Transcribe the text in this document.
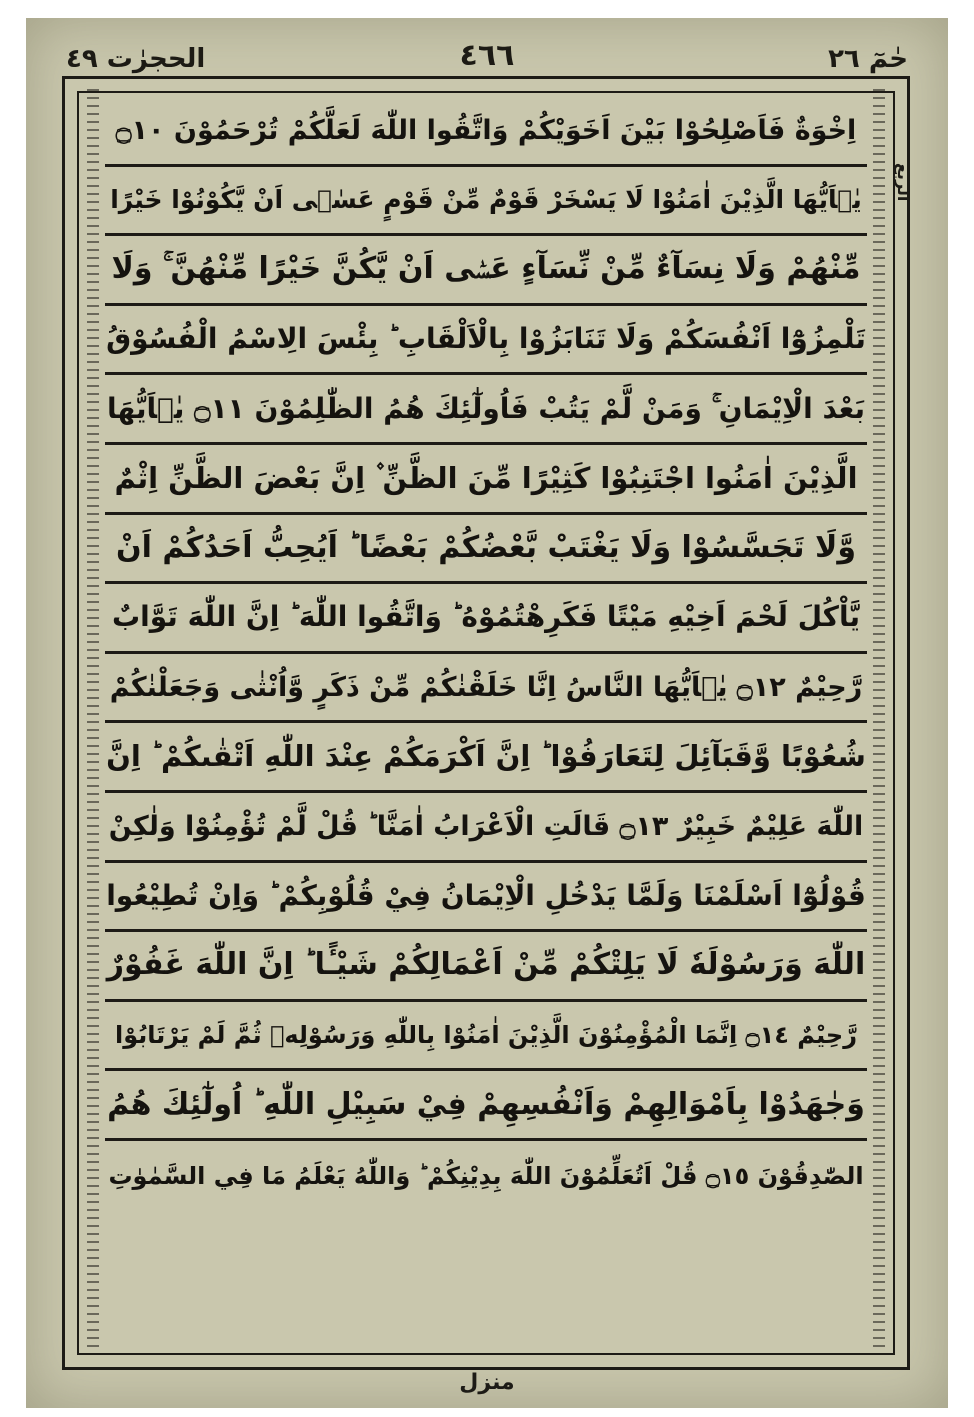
حٰمٓ ٢٦
٤٦٦
الحجرٰت ٤٩
الربع
اِخْوَةٌ فَاَصْلِحُوْا بَيْنَ اَخَوَيْكُمْ وَاتَّقُوا اللّٰهَ لَعَلَّكُمْ تُرْحَمُوْنَ ۝١٠
يٰۤاَيُّهَا الَّذِيْنَ اٰمَنُوْا لَا يَسْخَرْ قَوْمٌ مِّنْ قَوْمٍ عَسٰۤى اَنْ يَّكُوْنُوْا خَيْرًا
مِّنْهُمْ وَلَا نِسَآءٌ مِّنْ نِّسَآءٍ عَسٰۤى اَنْ يَّكُنَّ خَيْرًا مِّنْهُنَّ ۚ وَلَا
تَلْمِزُوْٓا اَنْفُسَكُمْ وَلَا تَنَابَزُوْا بِالْاَلْقَابِ ؕ بِئْسَ الِاسْمُ الْفُسُوْقُ
بَعْدَ الْاِيْمَانِ ۚ وَمَنْ لَّمْ يَتُبْ فَاُولٰٓئِكَ هُمُ الظّٰلِمُوْنَ ۝١١ يٰۤاَيُّهَا
الَّذِيْنَ اٰمَنُوا اجْتَنِبُوْا كَثِيْرًا مِّنَ الظَّنِّ ۫ اِنَّ بَعْضَ الظَّنِّ اِثْمٌ
وَّلَا تَجَسَّسُوْا وَلَا يَغْتَبْ بَّعْضُكُمْ بَعْضًا ؕ اَيُحِبُّ اَحَدُكُمْ اَنْ
يَّاْكُلَ لَحْمَ اَخِيْهِ مَيْتًا فَكَرِهْتُمُوْهُ ؕ وَاتَّقُوا اللّٰهَ ؕ اِنَّ اللّٰهَ تَوَّابٌ
رَّحِيْمٌ ۝١٢ يٰۤاَيُّهَا النَّاسُ اِنَّا خَلَقْنٰكُمْ مِّنْ ذَكَرٍ وَّاُنْثٰى وَجَعَلْنٰكُمْ
شُعُوْبًا وَّقَبَآئِلَ لِتَعَارَفُوْا ؕ اِنَّ اَكْرَمَكُمْ عِنْدَ اللّٰهِ اَتْقٰىكُمْ ؕ اِنَّ
اللّٰهَ عَلِيْمٌ خَبِيْرٌ ۝١٣ قَالَتِ الْاَعْرَابُ اٰمَنَّا ؕ قُلْ لَّمْ تُؤْمِنُوْا وَلٰكِنْ
قُوْلُوْٓا اَسْلَمْنَا وَلَمَّا يَدْخُلِ الْاِيْمَانُ فِيْ قُلُوْبِكُمْ ؕ وَاِنْ تُطِيْعُوا
اللّٰهَ وَرَسُوْلَهٗ لَا يَلِتْكُمْ مِّنْ اَعْمَالِكُمْ شَيْـًٔا ؕ اِنَّ اللّٰهَ غَفُوْرٌ
رَّحِيْمٌ ۝١٤ اِنَّمَا الْمُؤْمِنُوْنَ الَّذِيْنَ اٰمَنُوْا بِاللّٰهِ وَرَسُوْلِهٖ ثُمَّ لَمْ يَرْتَابُوْا
وَجٰهَدُوْا بِاَمْوَالِهِمْ وَاَنْفُسِهِمْ فِيْ سَبِيْلِ اللّٰهِ ؕ اُولٰٓئِكَ هُمُ
الصّٰدِقُوْنَ ۝١٥ قُلْ اَتُعَلِّمُوْنَ اللّٰهَ بِدِيْنِكُمْ ؕ وَاللّٰهُ يَعْلَمُ مَا فِي السَّمٰوٰتِ
منزل
